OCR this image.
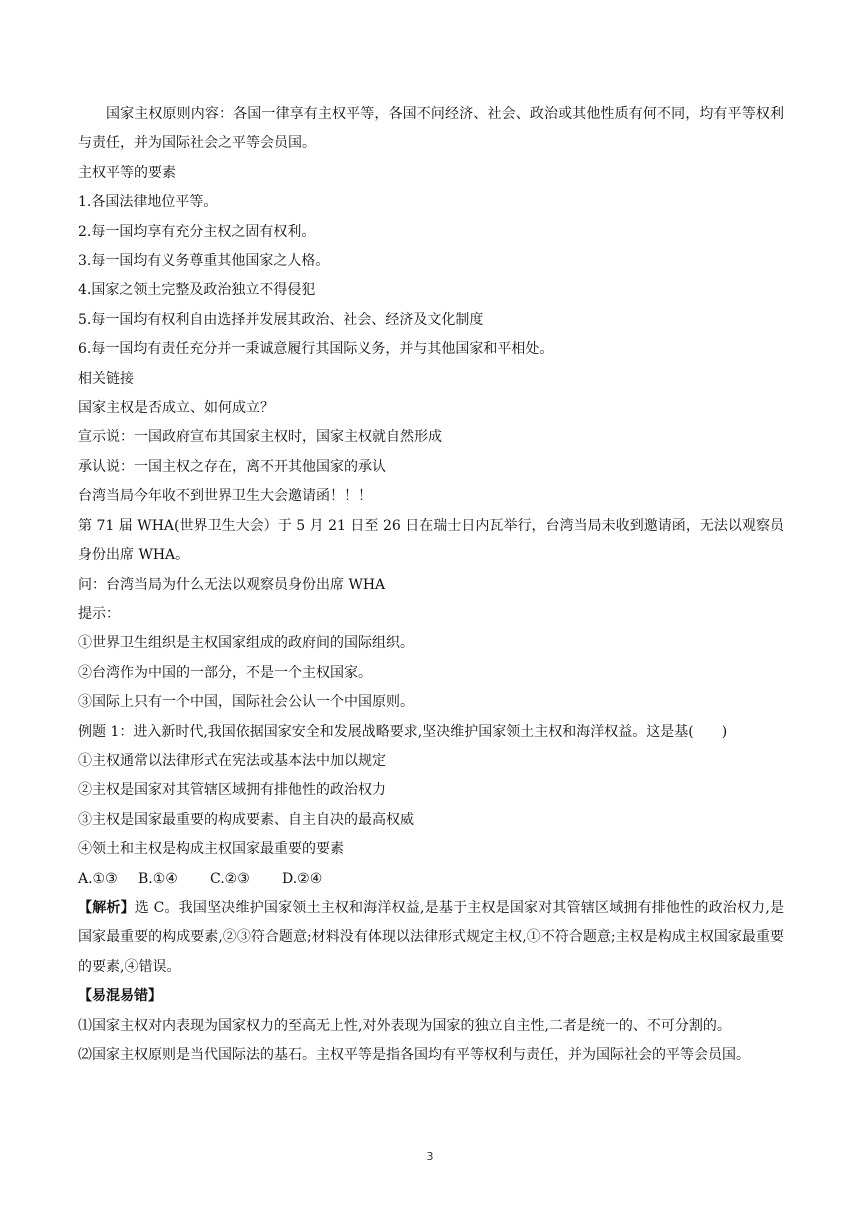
国家主权原则内容：各国一律享有主权平等，各国不问经济、社会、政治或其他性质有何不同，均有平等权利与责任，并为国际社会之平等会员国。

主权平等的要素

1.各国法律地位平等。

2.每一国均享有充分主权之固有权利。

3.每一国均有义务尊重其他国家之人格。

4.国家之领土完整及政治独立不得侵犯

5.每一国均有权利自由选择并发展其政治、社会、经济及文化制度

6.每一国均有责任充分并一秉诚意履行其国际义务，并与其他国家和平相处。

相关链接

国家主权是否成立、如何成立？

宣示说：一国政府宣布其国家主权时，国家主权就自然形成

承认说：一国主权之存在，离不开其他国家的承认

台湾当局今年收不到世界卫生大会邀请函！！！

第 71 届 WHA(世界卫生大会）于 5 月 21 日至 26 日在瑞士日内瓦举行，台湾当局未收到邀请函，无法以观察员身份出席 WHA。

问：台湾当局为什么无法以观察员身份出席 WHA

提示：

①世界卫生组织是主权国家组成的政府间的国际组织。

②台湾作为中国的一部分，不是一个主权国家。

③国际上只有一个中国，国际社会公认一个中国原则。

例题 1：进入新时代,我国依据国家安全和发展战略要求,坚决维护国家领土主权和海洋权益。这是基(　　)

①主权通常以法律形式在宪法或基本法中加以规定

②主权是国家对其管辖区域拥有排他性的政治权力

③主权是国家最重要的构成要素、自主自决的最高权威

④领土和主权是构成主权国家最重要的要素

A.①③ B.①④ C.②③ D.②④

【解析】选 C。我国坚决维护国家领土主权和海洋权益,是基于主权是国家对其管辖区域拥有排他性的政治权力,是国家最重要的构成要素,②③符合题意;材料没有体现以法律形式规定主权,①不符合题意;主权是构成主权国家最重要的要素,④错误。

【易混易错】

⑴国家主权对内表现为国家权力的至高无上性,对外表现为国家的独立自主性,二者是统一的、不可分割的。

⑵国家主权原则是当代国际法的基石。主权平等是指各国均有平等权利与责任，并为国际社会的平等会员国。

3
